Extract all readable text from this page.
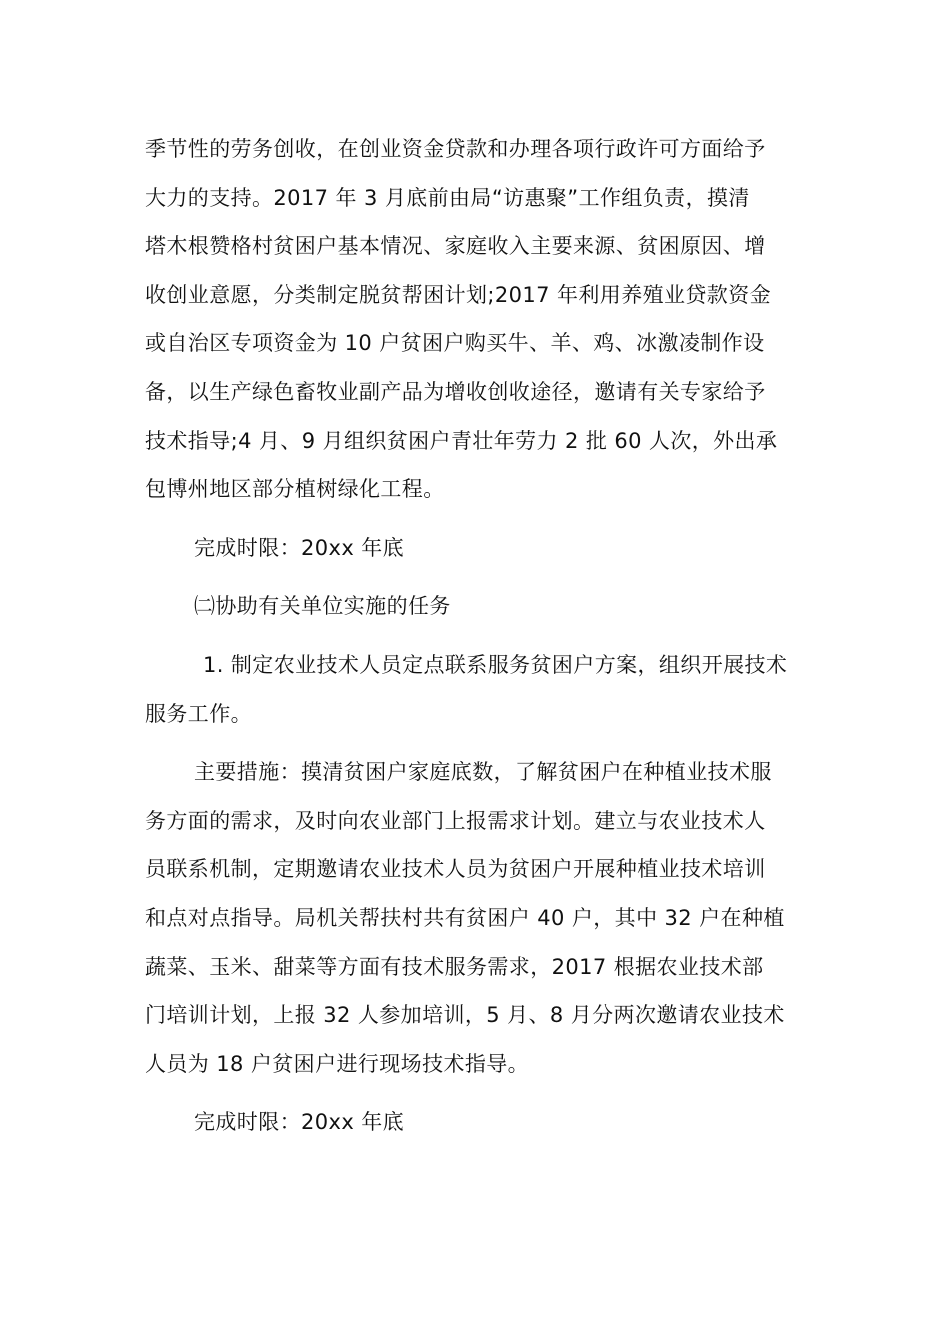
季节性的劳务创收，在创业资金贷款和办理各项行政许可方面给予
大力的支持。2017 年 3 月底前由局“访惠聚”工作组负责，摸清
塔木根赞格村贫困户基本情况、家庭收入主要来源、贫困原因、增
收创业意愿，分类制定脱贫帮困计划;2017 年利用养殖业贷款资金
或自治区专项资金为 10 户贫困户购买牛、羊、鸡、冰激凌制作设
备，以生产绿色畜牧业副产品为增收创收途径，邀请有关专家给予
技术指导;4 月、9 月组织贫困户青壮年劳力 2 批 60 人次，外出承
包博州地区部分植树绿化工程。

完成时限：20xx 年底

㈡协助有关单位实施的任务

1. 制定农业技术人员定点联系服务贫困户方案，组织开展技术
服务工作。

主要措施：摸清贫困户家庭底数，了解贫困户在种植业技术服
务方面的需求，及时向农业部门上报需求计划。建立与农业技术人
员联系机制，定期邀请农业技术人员为贫困户开展种植业技术培训
和点对点指导。局机关帮扶村共有贫困户 40 户，其中 32 户在种植
蔬菜、玉米、甜菜等方面有技术服务需求，2017 根据农业技术部
门培训计划，上报 32 人参加培训，5 月、8 月分两次邀请农业技术
人员为 18 户贫困户进行现场技术指导。

完成时限：20xx 年底
